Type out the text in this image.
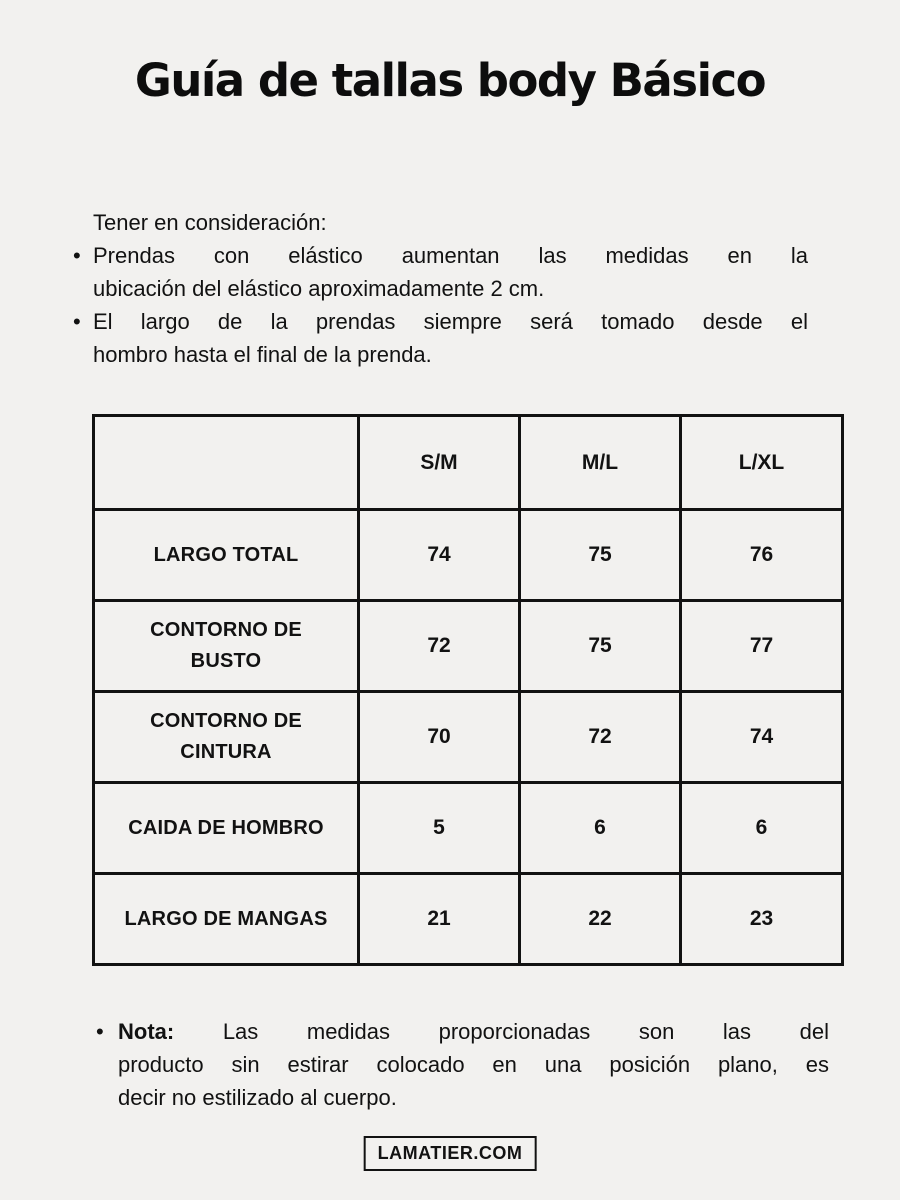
Guía de tallas body Básico
Tener en consideración:
• Prendas con elástico aumentan las medidas en la
ubicación del elástico aproximadamente 2 cm.
• El largo de la prendas siempre será tomado desde el
hombro hasta el final de la prenda.
	S/M	M/L	L/XL

LARGO TOTAL	74	75	76

CONTORNO DE
BUSTO	72	75	77

CONTORNO DE
CINTURA	70	72	74

CAIDA DE HOMBRO	5	6	6

LARGO DE MANGAS	21	22	23
• Nota: Las medidas proporcionadas son las del
producto sin estirar colocado en una posición plano, es
decir no estilizado al cuerpo.
LAMATIER.COM
